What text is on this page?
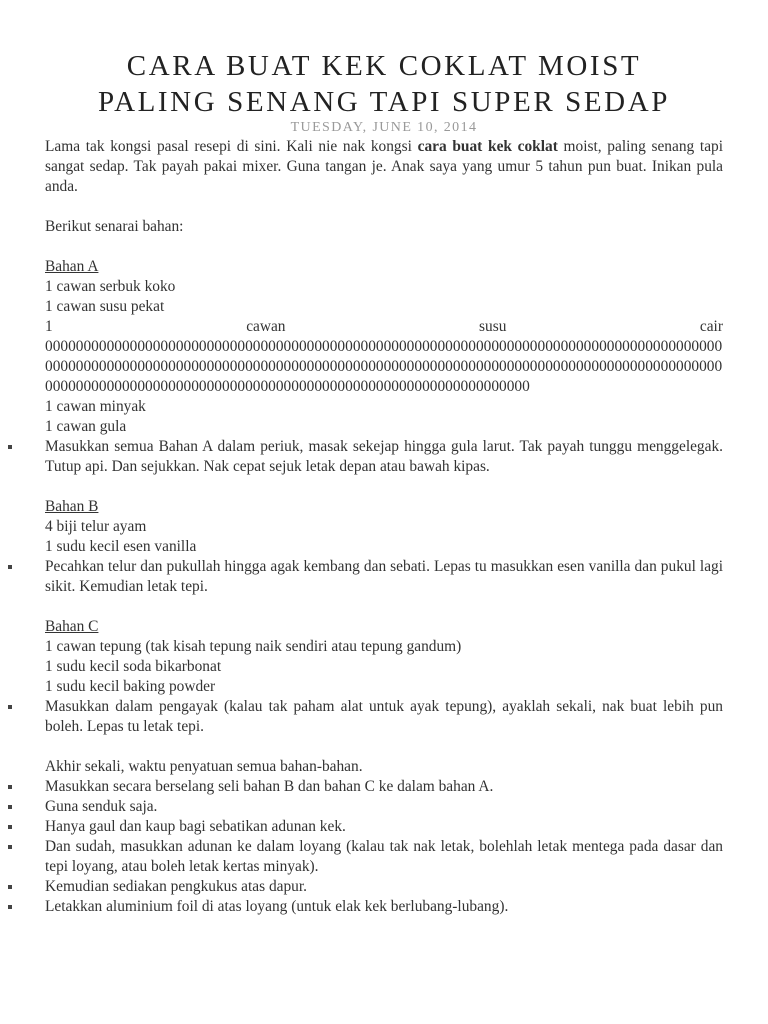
CARA BUAT KEK COKLAT MOIST
PALING SENANG TAPI SUPER SEDAP
TUESDAY, JUNE 10, 2014

Lama tak kongsi pasal resepi di sini. Kali nie nak kongsi cara buat kek coklat moist, paling senang tapi sangat sedap. Tak payah pakai mixer. Guna tangan je. Anak saya yang umur 5 tahun pun buat. Inikan pula anda.

Berikut senarai bahan:

Bahan A

1 cawan serbuk koko

1 cawan susu pekat

1	cawan	susu	cair

00000000000000000000000000000000000000000000000000000000000000000000000000000000000000000000000000000000000000000000000000000000000000000000000000000000000000000000000000000000000000000000000000000000000000000000000000000000000000000000000

1 cawan minyak

1 cawan gula

Masukkan semua Bahan A dalam periuk, masak sekejap hingga gula larut. Tak payah tunggu menggelegak. Tutup api. Dan sejukkan. Nak cepat sejuk letak depan atau bawah kipas.

Bahan B

4 biji telur ayam

1 sudu kecil esen vanilla

Pecahkan telur dan pukullah hingga agak kembang dan sebati. Lepas tu masukkan esen vanilla dan pukul lagi sikit. Kemudian letak tepi.

Bahan C

1 cawan tepung (tak kisah tepung naik sendiri atau tepung gandum)

1 sudu kecil soda bikarbonat

1 sudu kecil baking powder

Masukkan dalam pengayak (kalau tak paham alat untuk ayak tepung), ayaklah sekali, nak buat lebih pun boleh. Lepas tu letak tepi.

Akhir sekali, waktu penyatuan semua bahan-bahan.

Masukkan secara berselang seli bahan B dan bahan C ke dalam bahan A.
Guna senduk saja.
Hanya gaul dan kaup bagi sebatikan adunan kek.
Dan sudah, masukkan adunan ke dalam loyang (kalau tak nak letak, bolehlah letak mentega pada dasar dan tepi loyang, atau boleh letak kertas minyak).
Kemudian sediakan pengkukus atas dapur.
Letakkan aluminium foil di atas loyang (untuk elak kek berlubang-lubang).
